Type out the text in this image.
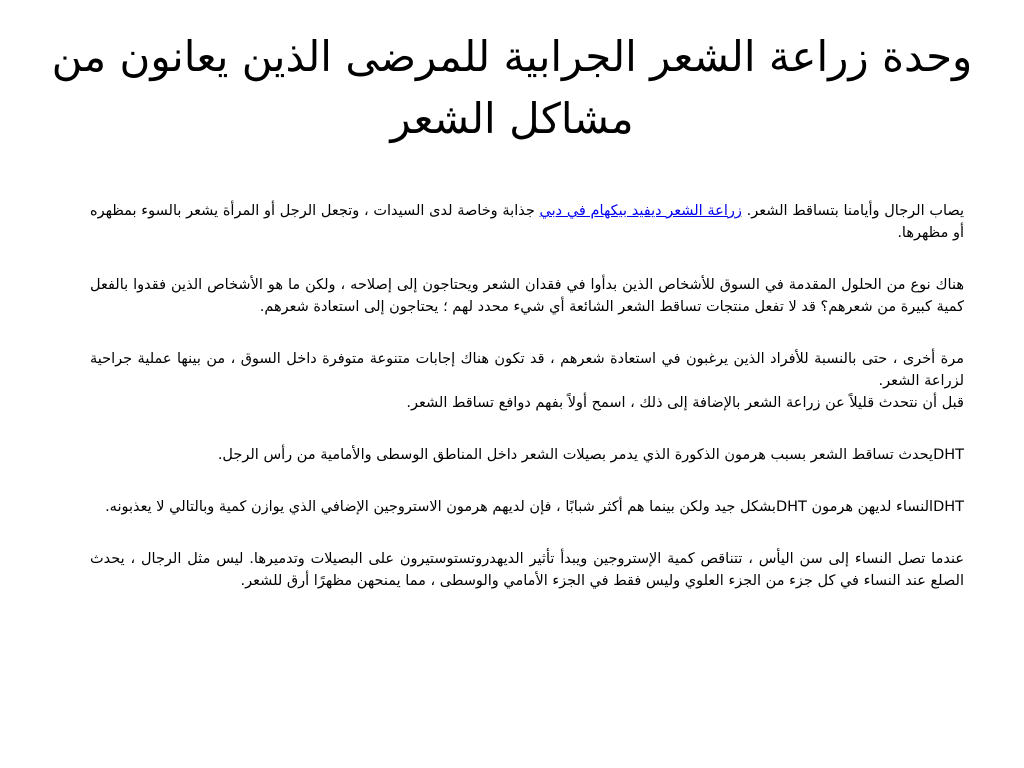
وحدة زراعة الشعر الجرابية للمرضى الذين يعانون من مشاكل الشعر

يصاب الرجال وأيامنا بتساقط الشعر. زراعة الشعر ديفيد بيكهام في دبي جذابة وخاصة لدى السيدات ، وتجعل الرجل أو المرأة يشعر بالسوء بمظهره أو مظهرها.

هناك نوع من الحلول المقدمة في السوق للأشخاص الذين بدأوا في فقدان الشعر ويحتاجون إلى إصلاحه ، ولكن ما هو الأشخاص الذين فقدوا بالفعل كمية كبيرة من شعرهم؟ قد لا تفعل منتجات تساقط الشعر الشائعة أي شيء محدد لهم ؛ يحتاجون إلى استعادة شعرهم.

مرة أخرى ، حتى بالنسبة للأفراد الذين يرغبون في استعادة شعرهم ، قد تكون هناك إجابات متنوعة متوفرة داخل السوق ، من بينها عملية جراحية لزراعة الشعر.

قبل أن نتحدث قليلاً عن زراعة الشعر بالإضافة إلى ذلك ، اسمح أولاً بفهم دوافع تساقط الشعر.

DHTيحدث تساقط الشعر بسبب هرمون الذكورة الذي يدمر بصيلات الشعر داخل المناطق الوسطى والأمامية من رأس الرجل.

DHTالنساء لديهن هرمون DHTبشكل جيد ولكن بينما هم أكثر شبابًا ، فإن لديهم هرمون الاستروجين الإضافي الذي يوازن كمية وبالتالي لا يعذبونه.

عندما تصل النساء إلى سن اليأس ، تتناقص كمية الإستروجين ويبدأ تأثير الديهدروتستوستيرون على البصيلات وتدميرها. ليس مثل الرجال ، يحدث الصلع عند النساء في كل جزء من الجزء العلوي وليس فقط في الجزء الأمامي والوسطى ، مما يمنحهن مظهرًا أرق للشعر.
